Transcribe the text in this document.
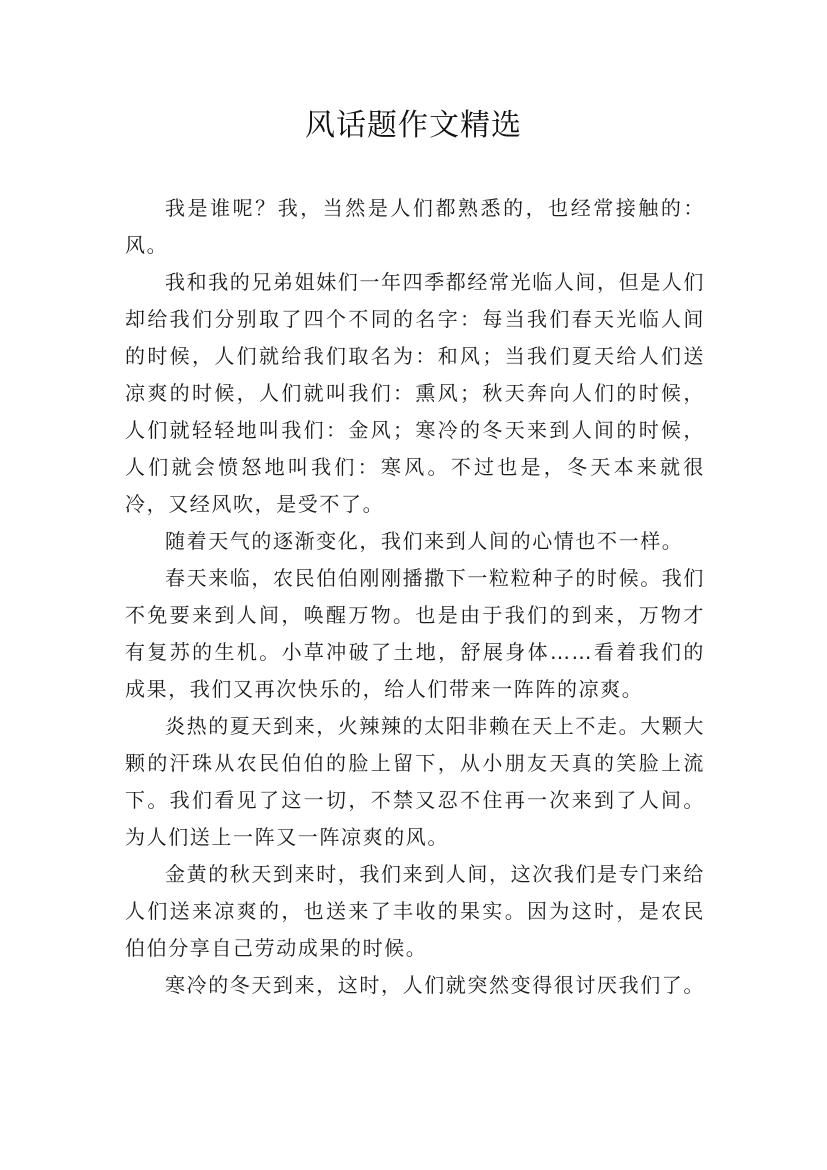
风话题作文精选

我是谁呢？我，当然是人们都熟悉的，也经常接触的：风。

我和我的兄弟姐妹们一年四季都经常光临人间，但是人们却给我们分别取了四个不同的名字：每当我们春天光临人间的时候，人们就给我们取名为：和风；当我们夏天给人们送凉爽的时候，人们就叫我们：熏风；秋天奔向人们的时候，人们就轻轻地叫我们：金风；寒冷的冬天来到人间的时候，人们就会愤怒地叫我们：寒风。不过也是，冬天本来就很冷，又经风吹，是受不了。

随着天气的逐渐变化，我们来到人间的心情也不一样。

春天来临，农民伯伯刚刚播撒下一粒粒种子的时候。我们不免要来到人间，唤醒万物。也是由于我们的到来，万物才有复苏的生机。小草冲破了土地，舒展身体……看着我们的成果，我们又再次快乐的，给人们带来一阵阵的凉爽。

炎热的夏天到来，火辣辣的太阳非赖在天上不走。大颗大颗的汗珠从农民伯伯的脸上留下，从小朋友天真的笑脸上流下。我们看见了这一切，不禁又忍不住再一次来到了人间。为人们送上一阵又一阵凉爽的风。

金黄的秋天到来时，我们来到人间，这次我们是专门来给人们送来凉爽的，也送来了丰收的果实。因为这时，是农民伯伯分享自己劳动成果的时候。

寒冷的冬天到来，这时，人们就突然变得很讨厌我们了。
